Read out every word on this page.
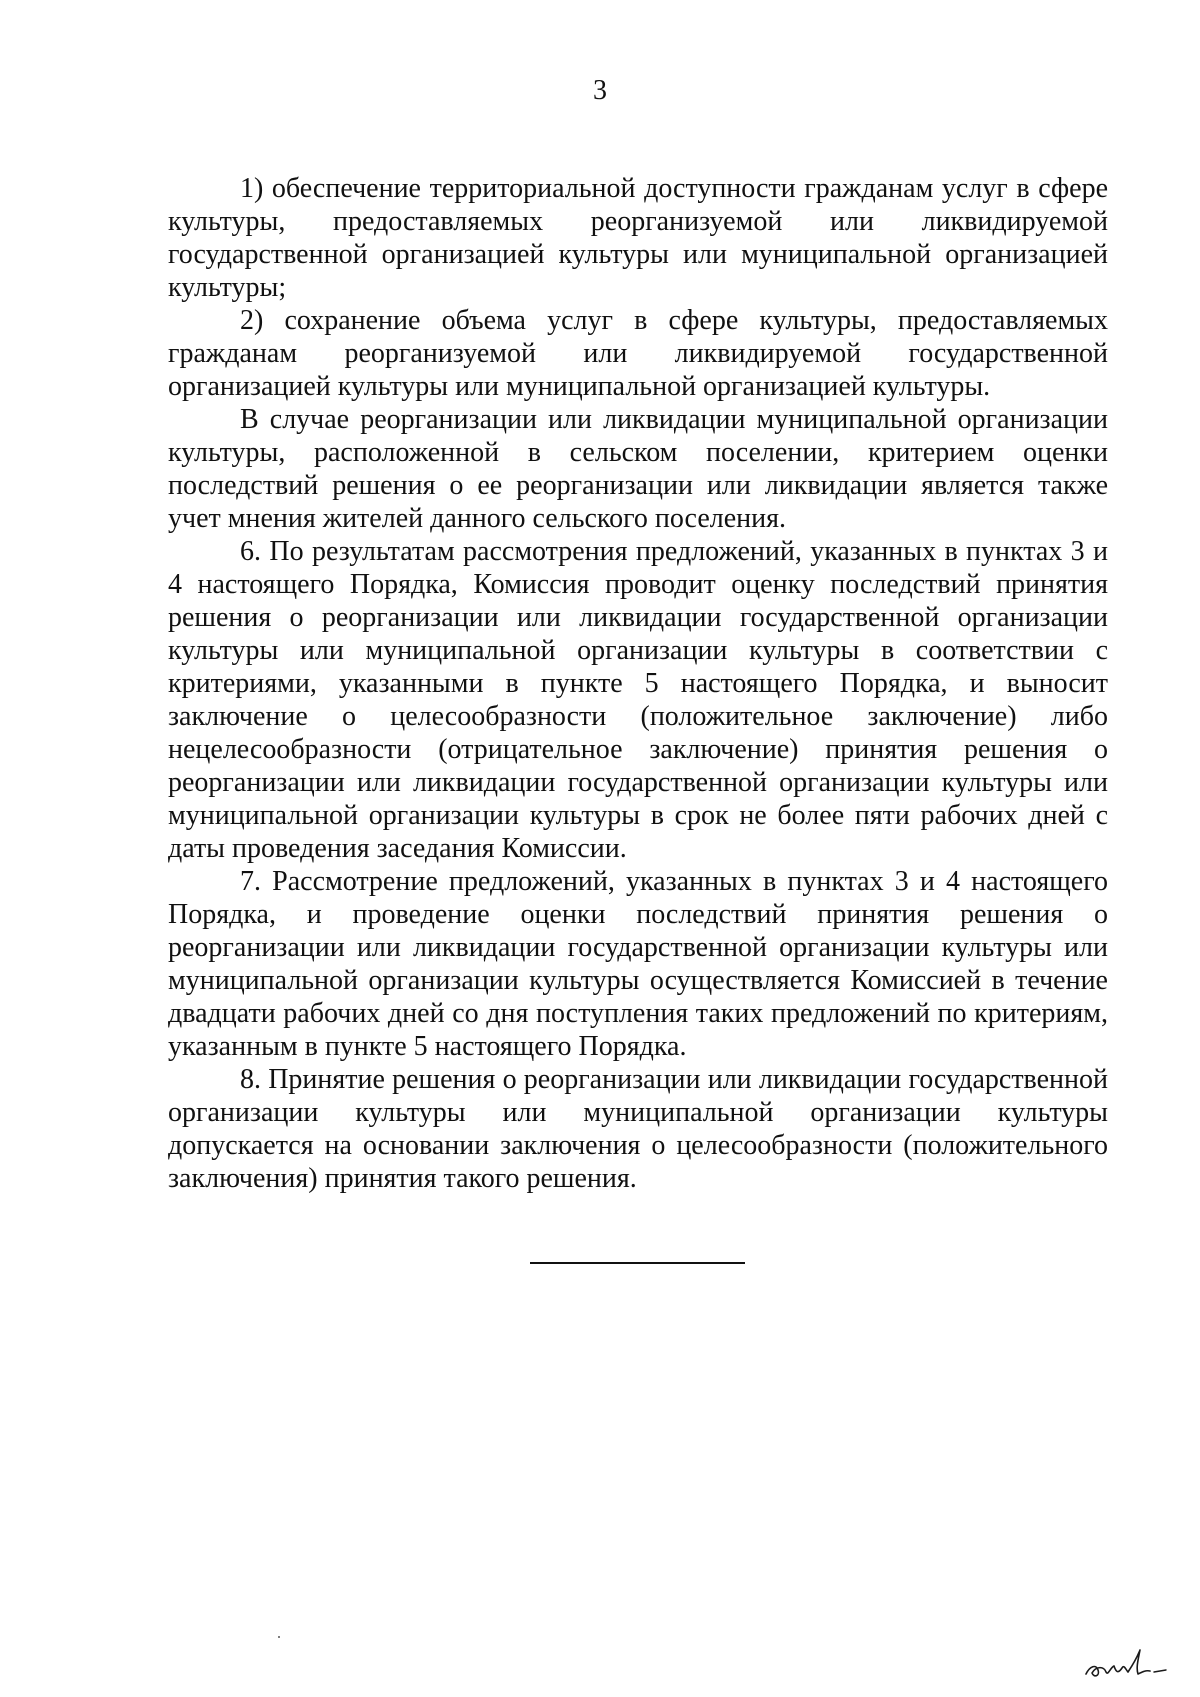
3

1) обеспечение территориальной доступности гражданам услуг в сфере культуры, предоставляемых реорганизуемой или ликвидируемой государственной организацией культуры или муниципальной организацией культуры;

2) сохранение объема услуг в сфере культуры, предоставляемых гражданам реорганизуемой или ликвидируемой государственной организацией культуры или муниципальной организацией культуры.

В случае реорганизации или ликвидации муниципальной организации культуры, расположенной в сельском поселении, критерием оценки последствий решения о ее реорганизации или ликвидации является также учет мнения жителей данного сельского поселения.

6. По результатам рассмотрения предложений, указанных в пунктах 3 и 4 настоящего Порядка, Комиссия проводит оценку последствий принятия решения о реорганизации или ликвидации государственной организации культуры или муниципальной организации культуры в соответствии с критериями, указанными в пункте 5 настоящего Порядка, и выносит заключение о целесообразности (положительное заключение) либо нецелесообразности (отрицательное заключение) принятия решения о реорганизации или ликвидации государственной организации культуры или муниципальной организации культуры в срок не более пяти рабочих дней с даты проведения заседания Комиссии.

7. Рассмотрение предложений, указанных в пунктах 3 и 4 настоящего Порядка, и проведение оценки последствий принятия решения о реорганизации или ликвидации государственной организации культуры или муниципальной организации культуры осуществляется Комиссией в течение двадцати рабочих дней со дня поступления таких предложений по критериям, указанным в пункте 5 настоящего Порядка.

8. Принятие решения о реорганизации или ликвидации государственной организации культуры или муниципальной организации культуры допускается на основании заключения о целесообразности (положительного заключения) принятия такого решения.
